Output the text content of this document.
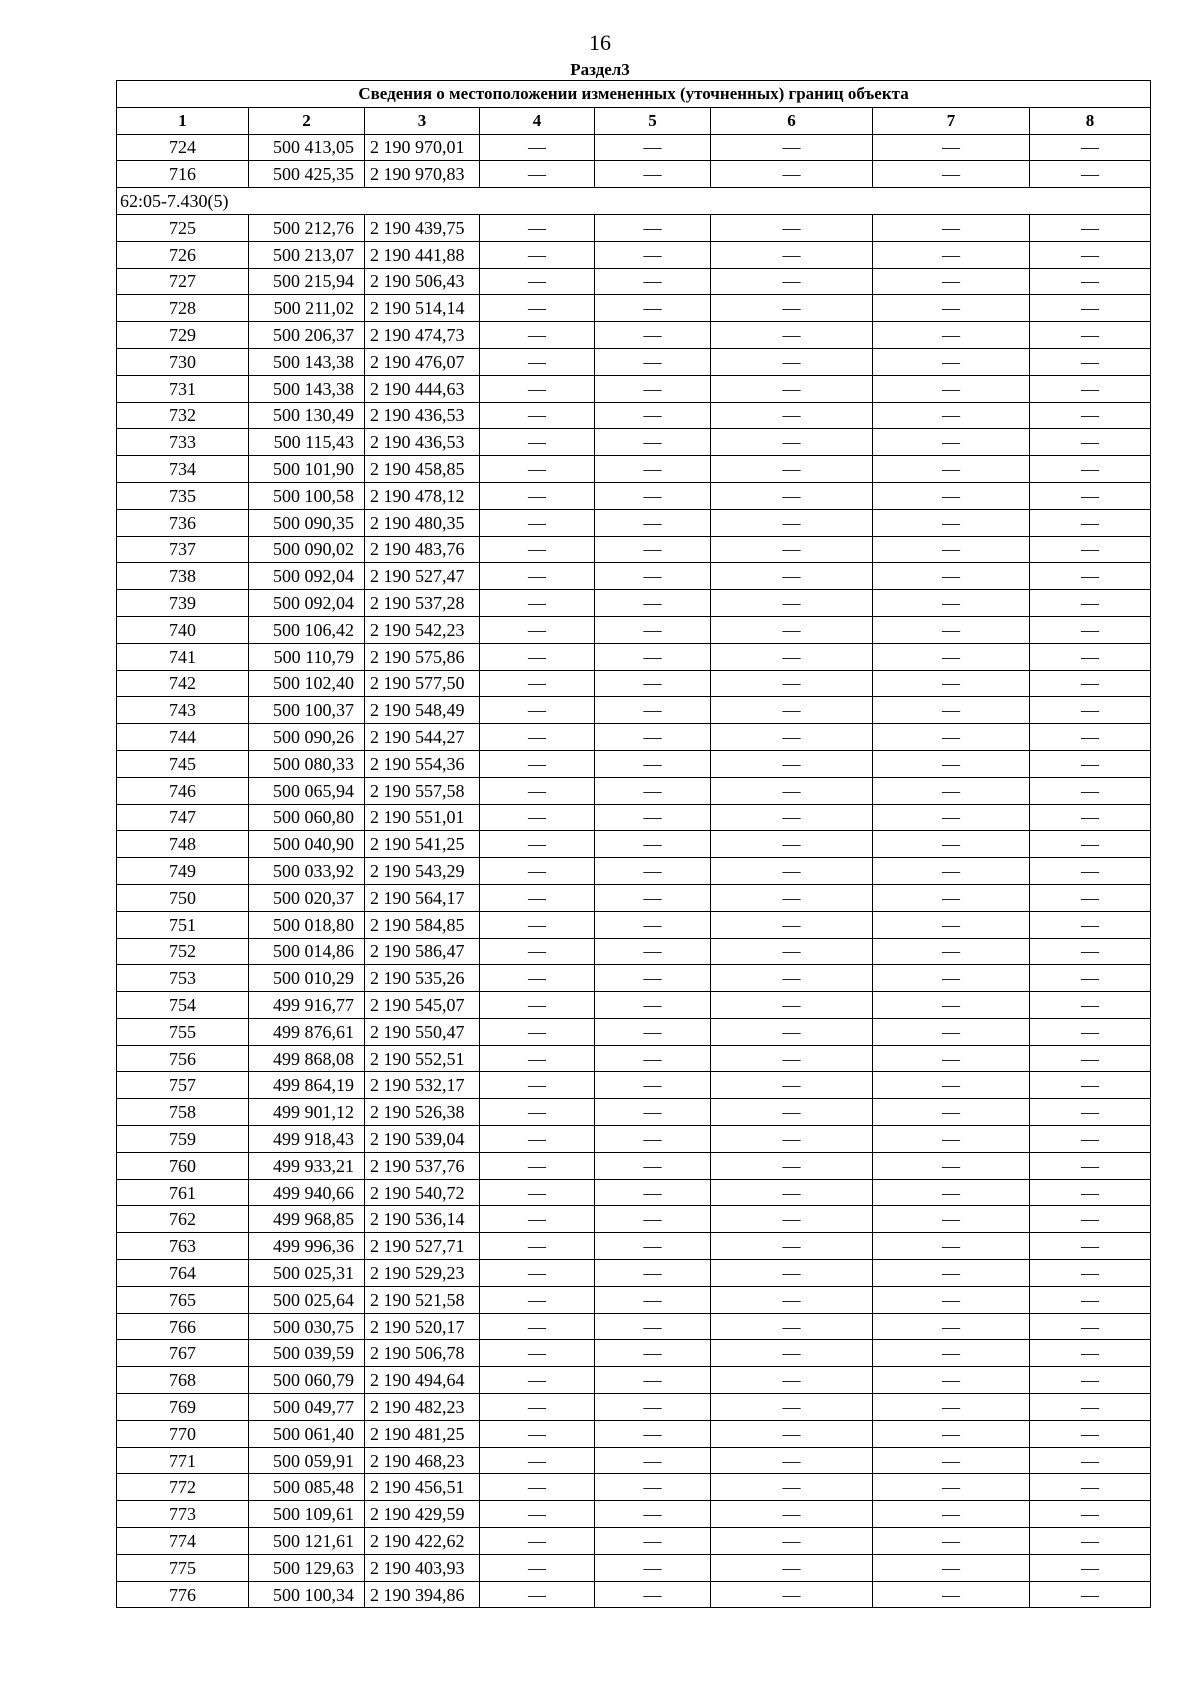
16
Раздел3
Сведения о местоположении измененных (уточненных) границ объекта							
1	2	3	4	5	6	7	8
724	500 413,05	2 190 970,01	—	—	—	—	—
716	500 425,35	2 190 970,83	—	—	—	—	—
62:05-7.430(5)							
725	500 212,76	2 190 439,75	—	—	—	—	—
726	500 213,07	2 190 441,88	—	—	—	—	—
727	500 215,94	2 190 506,43	—	—	—	—	—
728	500 211,02	2 190 514,14	—	—	—	—	—
729	500 206,37	2 190 474,73	—	—	—	—	—
730	500 143,38	2 190 476,07	—	—	—	—	—
731	500 143,38	2 190 444,63	—	—	—	—	—
732	500 130,49	2 190 436,53	—	—	—	—	—
733	500 115,43	2 190 436,53	—	—	—	—	—
734	500 101,90	2 190 458,85	—	—	—	—	—
735	500 100,58	2 190 478,12	—	—	—	—	—
736	500 090,35	2 190 480,35	—	—	—	—	—
737	500 090,02	2 190 483,76	—	—	—	—	—
738	500 092,04	2 190 527,47	—	—	—	—	—
739	500 092,04	2 190 537,28	—	—	—	—	—
740	500 106,42	2 190 542,23	—	—	—	—	—
741	500 110,79	2 190 575,86	—	—	—	—	—
742	500 102,40	2 190 577,50	—	—	—	—	—
743	500 100,37	2 190 548,49	—	—	—	—	—
744	500 090,26	2 190 544,27	—	—	—	—	—
745	500 080,33	2 190 554,36	—	—	—	—	—
746	500 065,94	2 190 557,58	—	—	—	—	—
747	500 060,80	2 190 551,01	—	—	—	—	—
748	500 040,90	2 190 541,25	—	—	—	—	—
749	500 033,92	2 190 543,29	—	—	—	—	—
750	500 020,37	2 190 564,17	—	—	—	—	—
751	500 018,80	2 190 584,85	—	—	—	—	—
752	500 014,86	2 190 586,47	—	—	—	—	—
753	500 010,29	2 190 535,26	—	—	—	—	—
754	499 916,77	2 190 545,07	—	—	—	—	—
755	499 876,61	2 190 550,47	—	—	—	—	—
756	499 868,08	2 190 552,51	—	—	—	—	—
757	499 864,19	2 190 532,17	—	—	—	—	—
758	499 901,12	2 190 526,38	—	—	—	—	—
759	499 918,43	2 190 539,04	—	—	—	—	—
760	499 933,21	2 190 537,76	—	—	—	—	—
761	499 940,66	2 190 540,72	—	—	—	—	—
762	499 968,85	2 190 536,14	—	—	—	—	—
763	499 996,36	2 190 527,71	—	—	—	—	—
764	500 025,31	2 190 529,23	—	—	—	—	—
765	500 025,64	2 190 521,58	—	—	—	—	—
766	500 030,75	2 190 520,17	—	—	—	—	—
767	500 039,59	2 190 506,78	—	—	—	—	—
768	500 060,79	2 190 494,64	—	—	—	—	—
769	500 049,77	2 190 482,23	—	—	—	—	—
770	500 061,40	2 190 481,25	—	—	—	—	—
771	500 059,91	2 190 468,23	—	—	—	—	—
772	500 085,48	2 190 456,51	—	—	—	—	—
773	500 109,61	2 190 429,59	—	—	—	—	—
774	500 121,61	2 190 422,62	—	—	—	—	—
775	500 129,63	2 190 403,93	—	—	—	—	—
776	500 100,34	2 190 394,86	—	—	—	—	—
